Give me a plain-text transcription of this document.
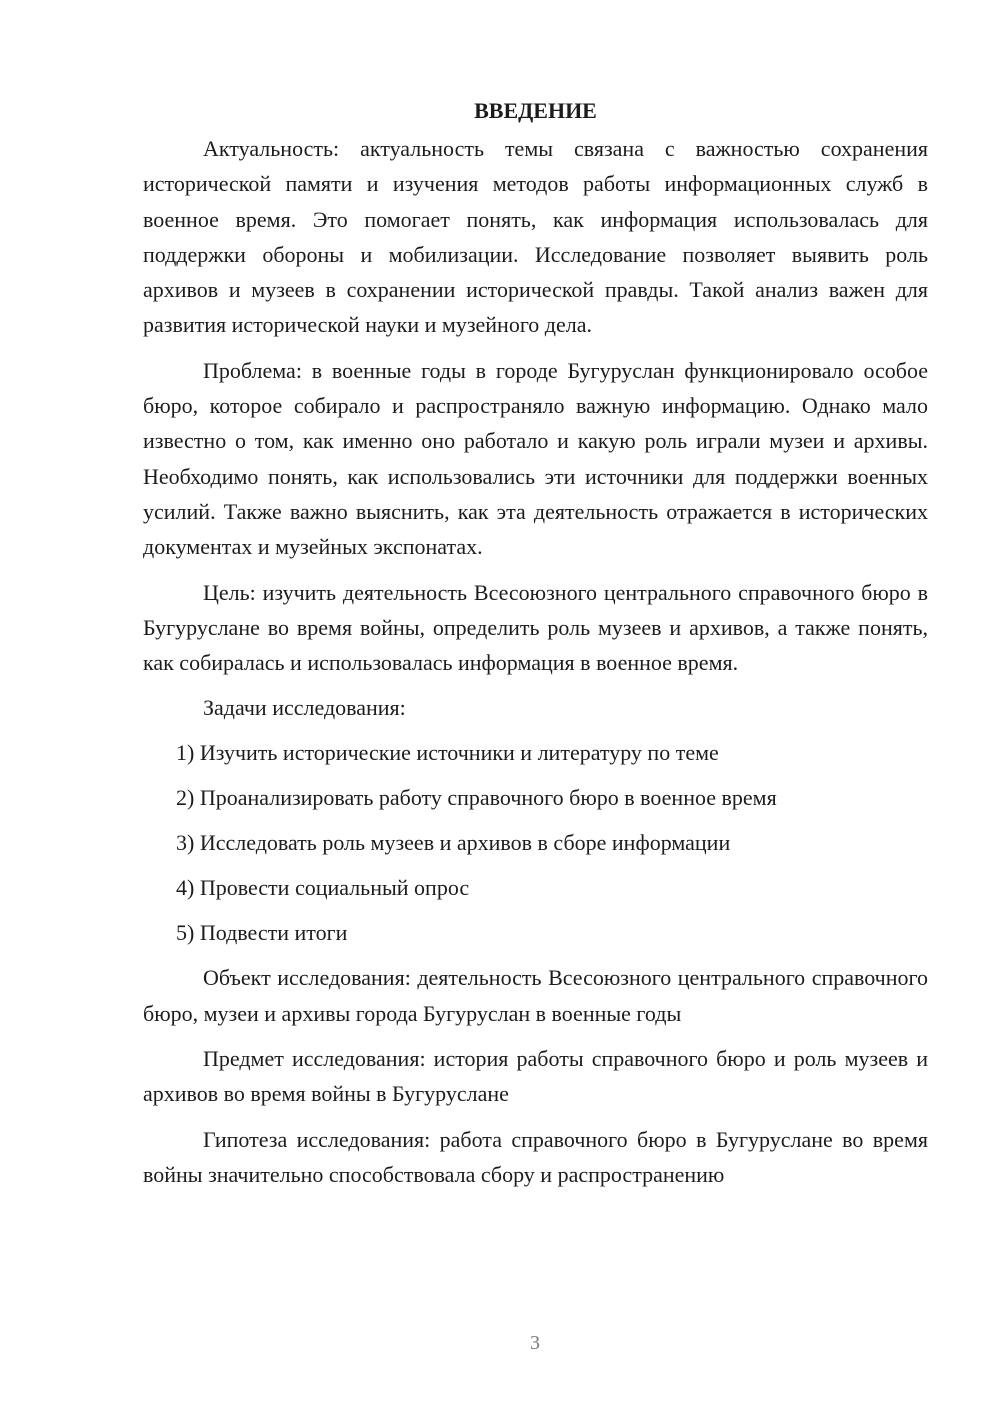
ВВЕДЕНИЕ

Актуальность: актуальность темы связана с важностью сохранения исторической памяти и изучения методов работы информационных служб в военное время. Это помогает понять, как информация использовалась для поддержки обороны и мобилизации. Исследование позволяет выявить роль архивов и музеев в сохранении исторической правды. Такой анализ важен для развития исторической науки и музейного дела.

Проблема: в военные годы в городе Бугуруслан функционировало особое бюро, которое собирало и распространяло важную информацию. Однако мало известно о том, как именно оно работало и какую роль играли музеи и архивы. Необходимо понять, как использовались эти источники для поддержки военных усилий. Также важно выяснить, как эта деятельность отражается в исторических документах и музейных экспонатах.

Цель: изучить деятельность Всесоюзного центрального справочного бюро в Бугуруслане во время войны, определить роль музеев и архивов, а также понять, как собиралась и использовалась информация в военное время.

Задачи исследования:

1) Изучить исторические источники и литературу по теме
2) Проанализировать работу справочного бюро в военное время
3) Исследовать роль музеев и архивов в сборе информации
4) Провести социальный опрос
5) Подвести итоги

Объект исследования: деятельность Всесоюзного центрального справочного бюро, музеи и архивы города Бугуруслан в военные годы

Предмет исследования: история работы справочного бюро и роль музеев и архивов во время войны в Бугуруслане

Гипотеза исследования: работа справочного бюро в Бугуруслане во время войны значительно способствовала сбору и распространению

3
